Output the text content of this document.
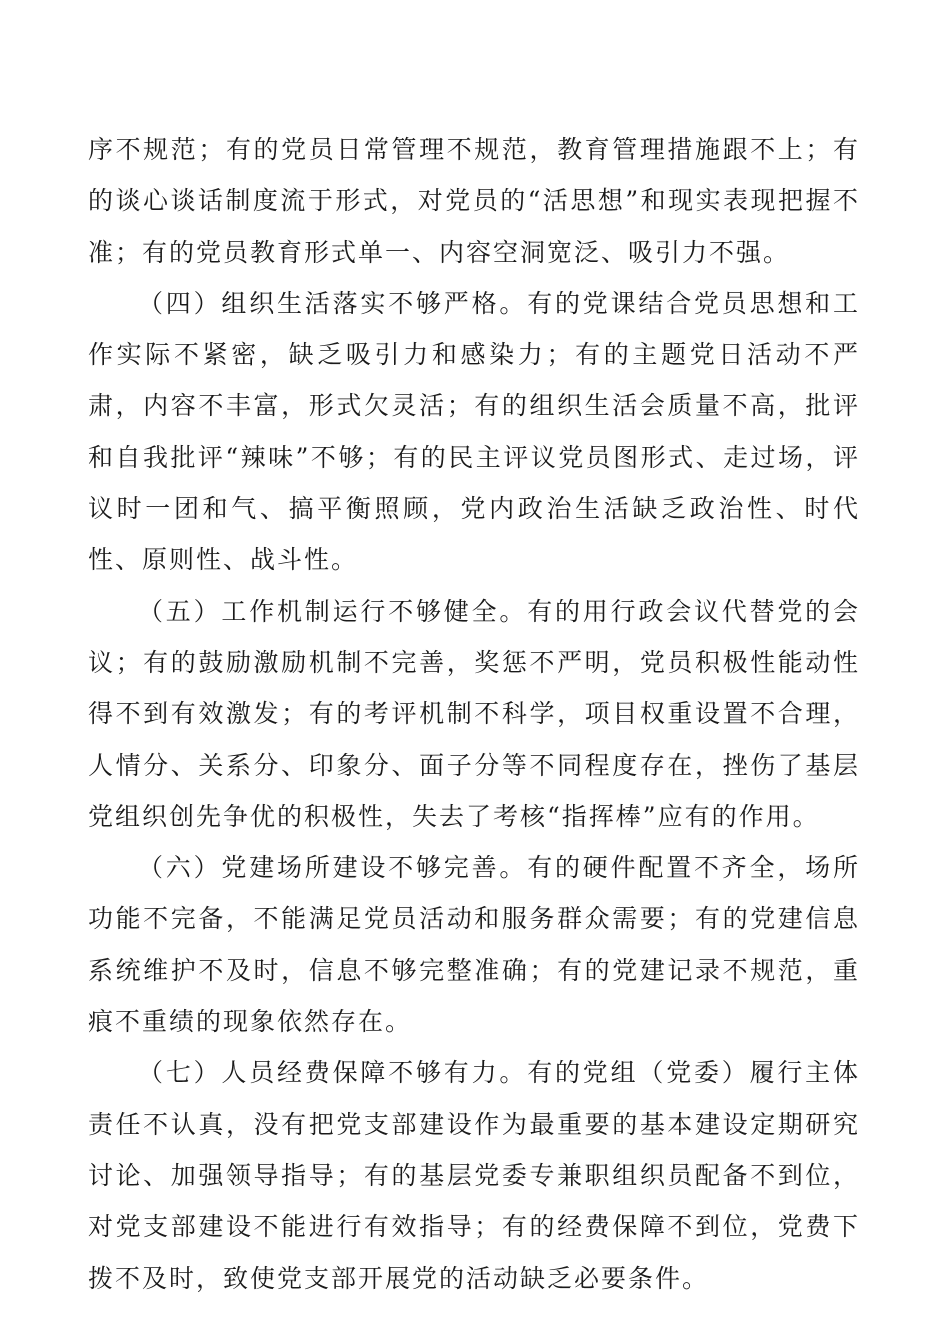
序不规范；有的党员日常管理不规范，教育管理措施跟不上；有的谈心谈话制度流于形式，对党员的“活思想”和现实表现把握不准；有的党员教育形式单一、内容空洞宽泛、吸引力不强。

（四）组织生活落实不够严格。有的党课结合党员思想和工作实际不紧密，缺乏吸引力和感染力；有的主题党日活动不严肃，内容不丰富，形式欠灵活；有的组织生活会质量不高，批评和自我批评“辣味”不够；有的民主评议党员图形式、走过场，评议时一团和气、搞平衡照顾，党内政治生活缺乏政治性、时代性、原则性、战斗性。

（五）工作机制运行不够健全。有的用行政会议代替党的会议；有的鼓励激励机制不完善，奖惩不严明，党员积极性能动性得不到有效激发；有的考评机制不科学，项目权重设置不合理，人情分、关系分、印象分、面子分等不同程度存在，挫伤了基层党组织创先争优的积极性，失去了考核“指挥棒”应有的作用。

（六）党建场所建设不够完善。有的硬件配置不齐全，场所功能不完备，不能满足党员活动和服务群众需要；有的党建信息系统维护不及时，信息不够完整准确；有的党建记录不规范，重痕不重绩的现象依然存在。

（七）人员经费保障不够有力。有的党组（党委）履行主体责任不认真，没有把党支部建设作为最重要的基本建设定期研究讨论、加强领导指导；有的基层党委专兼职组织员配备不到位，对党支部建设不能进行有效指导；有的经费保障不到位，党费下拨不及时，致使党支部开展党的活动缺乏必要条件。
